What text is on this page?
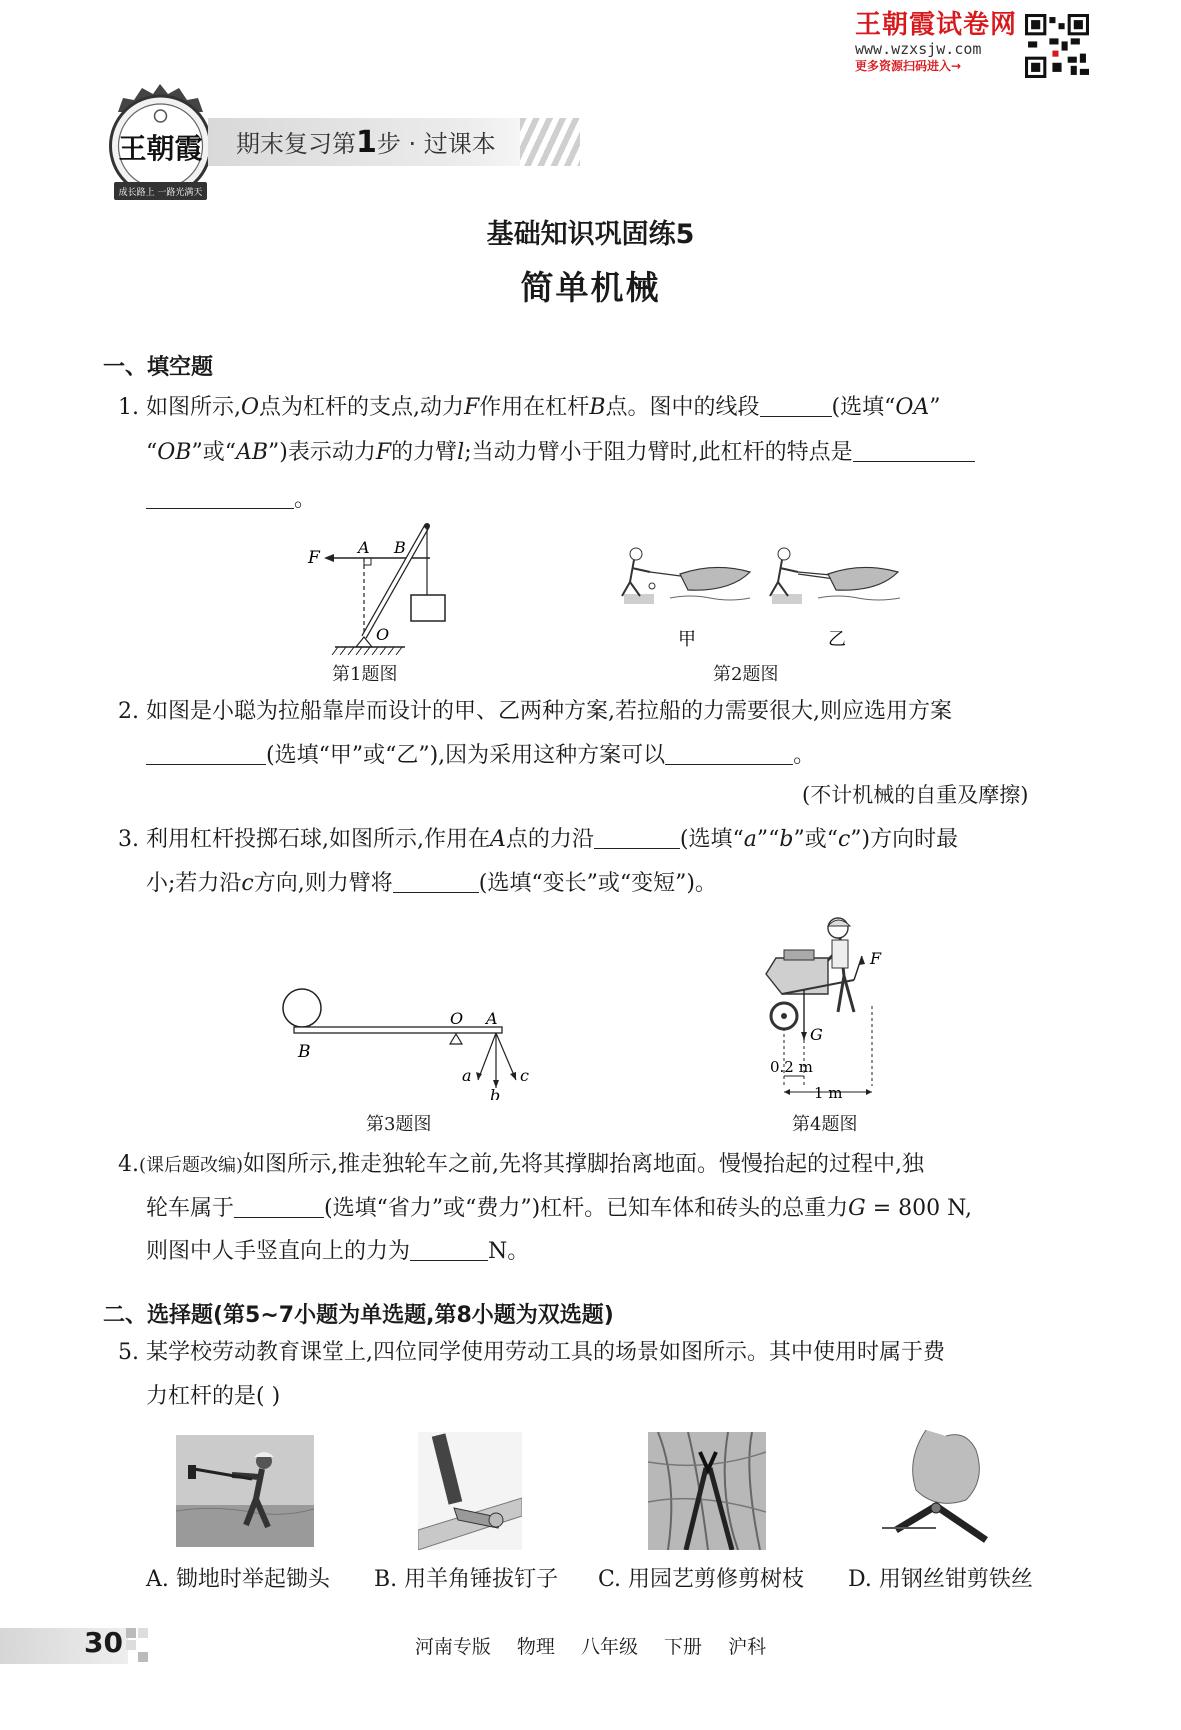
王朝霞试卷网
www.wzxsjw.com
更多资源扫码进入→
王朝霞
成长路上 一路光满天
期末复习第1步 · 过课本
基础知识巩固练5
简单机械
一、填空题
1. 如图所示,O点为杠杆的支点,动力F作用在杠杆B点。图中的线段	(选填“OA”
“OB”或“AB”)表示动力F的力臂l;当动力臂小于阻力臂时,此杠杆的特点是
。
F
A B
O
第1题图
甲	乙
第2题图
2. 如图是小聪为拉船靠岸而设计的甲、乙两种方案,若拉船的力需要很大,则应选用方案
(选填“甲”或“乙”),因为采用这种方案可以	。
(不计机械的自重及摩擦)
3. 利用杠杆投掷石球,如图所示,作用在A点的力沿	(选填“a”“b”或“c”)方向时最
小;若力沿c方向,则力臂将	(选填“变长”或“变短”)。
B
O A
a
b
c
第3题图
F
G
0.2 m
1 m
第4题图
4.(课后题改编)如图所示,推走独轮车之前,先将其撑脚抬离地面。慢慢抬起的过程中,独
轮车属于	(选填“省力”或“费力”)杠杆。已知车体和砖头的总重力G = 800 N,
则图中人手竖直向上的力为	N。
二、选择题(第5~7小题为单选题,第8小题为双选题)
5. 某学校劳动教育课堂上,四位同学使用劳动工具的场景如图所示。其中使用时属于费
力杠杆的是( )
A. 锄地时举起锄头 B. 用羊角锤拔钉子 C. 用园艺剪修剪树枝 D. 用钢丝钳剪铁丝
30	河南专版 物理 八年级 下册 沪科
